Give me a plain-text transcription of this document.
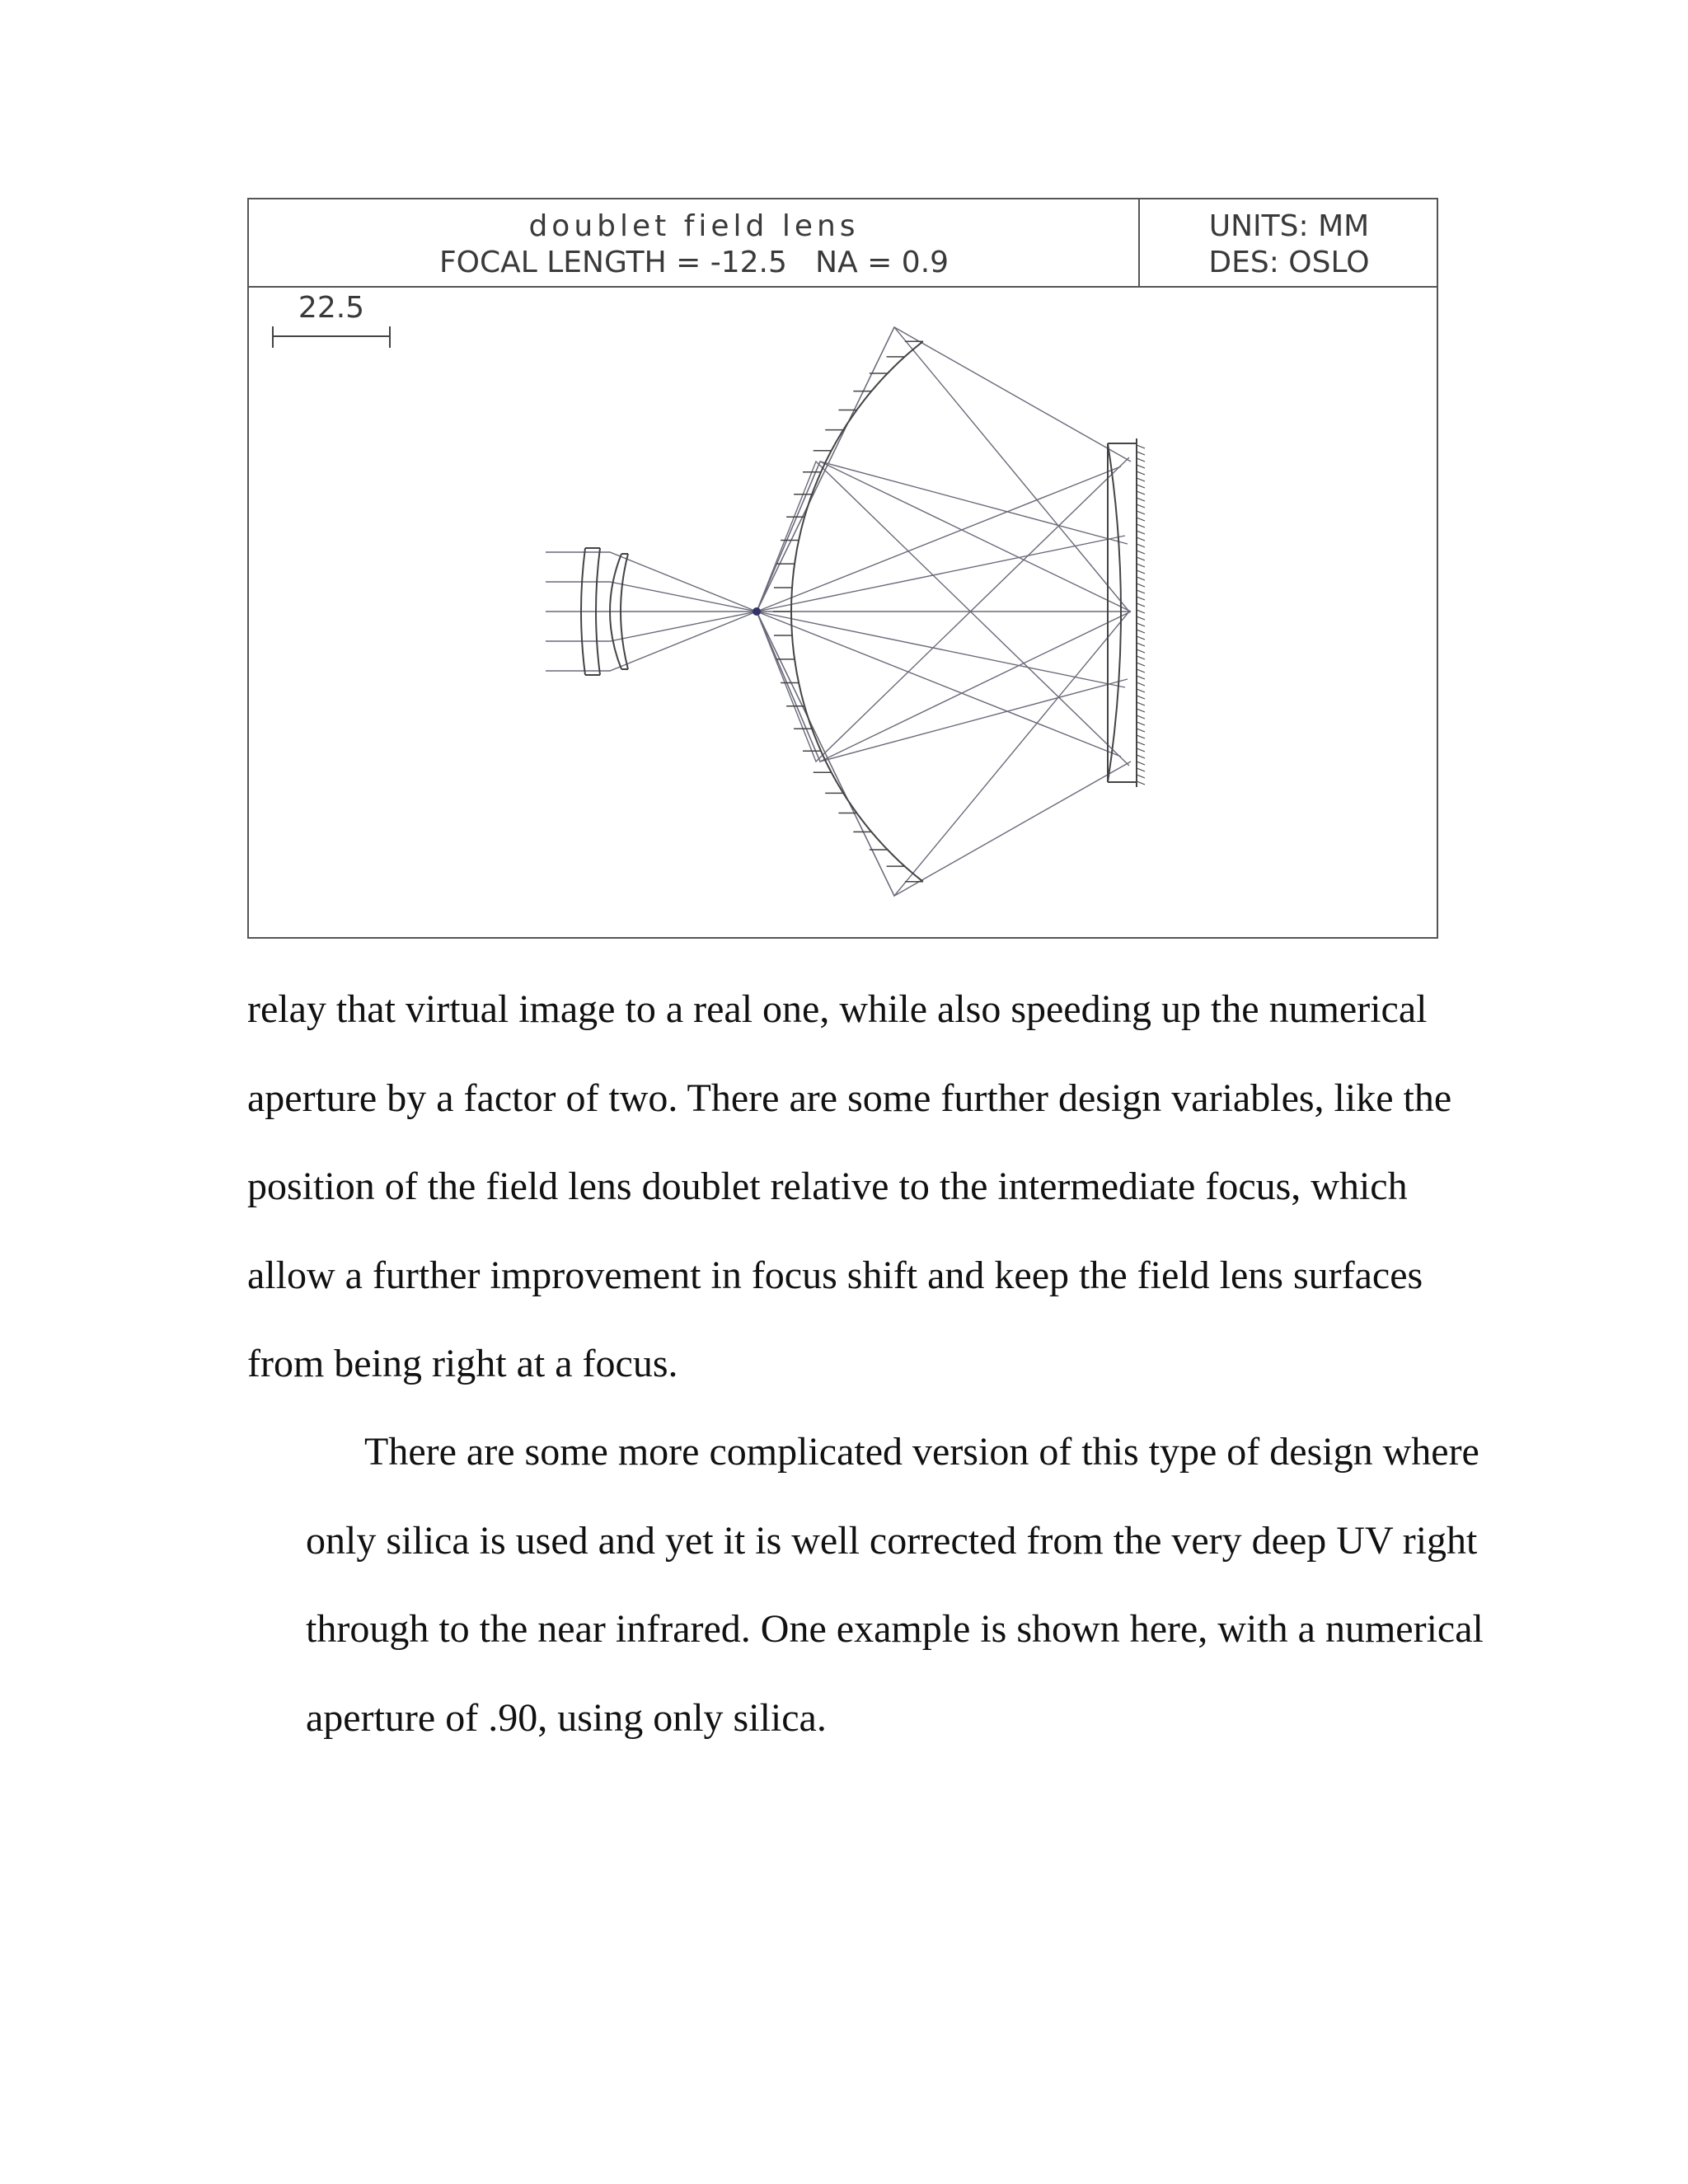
doublet field lens
FOCAL LENGTH = -12.5   NA = 0.9
UNITS: MM
DES: OSLO
22.5
relay that virtual image to a real one, while also speeding up the numerical
aperture by a factor of two. There are some further design variables, like the
position of the field lens doublet relative to the intermediate focus, which
allow a further improvement in focus shift and keep the field lens surfaces
from being right at a focus.
There are some more complicated version of this type of design where
only silica is used and yet it is well corrected from the very deep UV right
through to the near infrared. One example is shown here, with a numerical
aperture of .90, using only silica.
